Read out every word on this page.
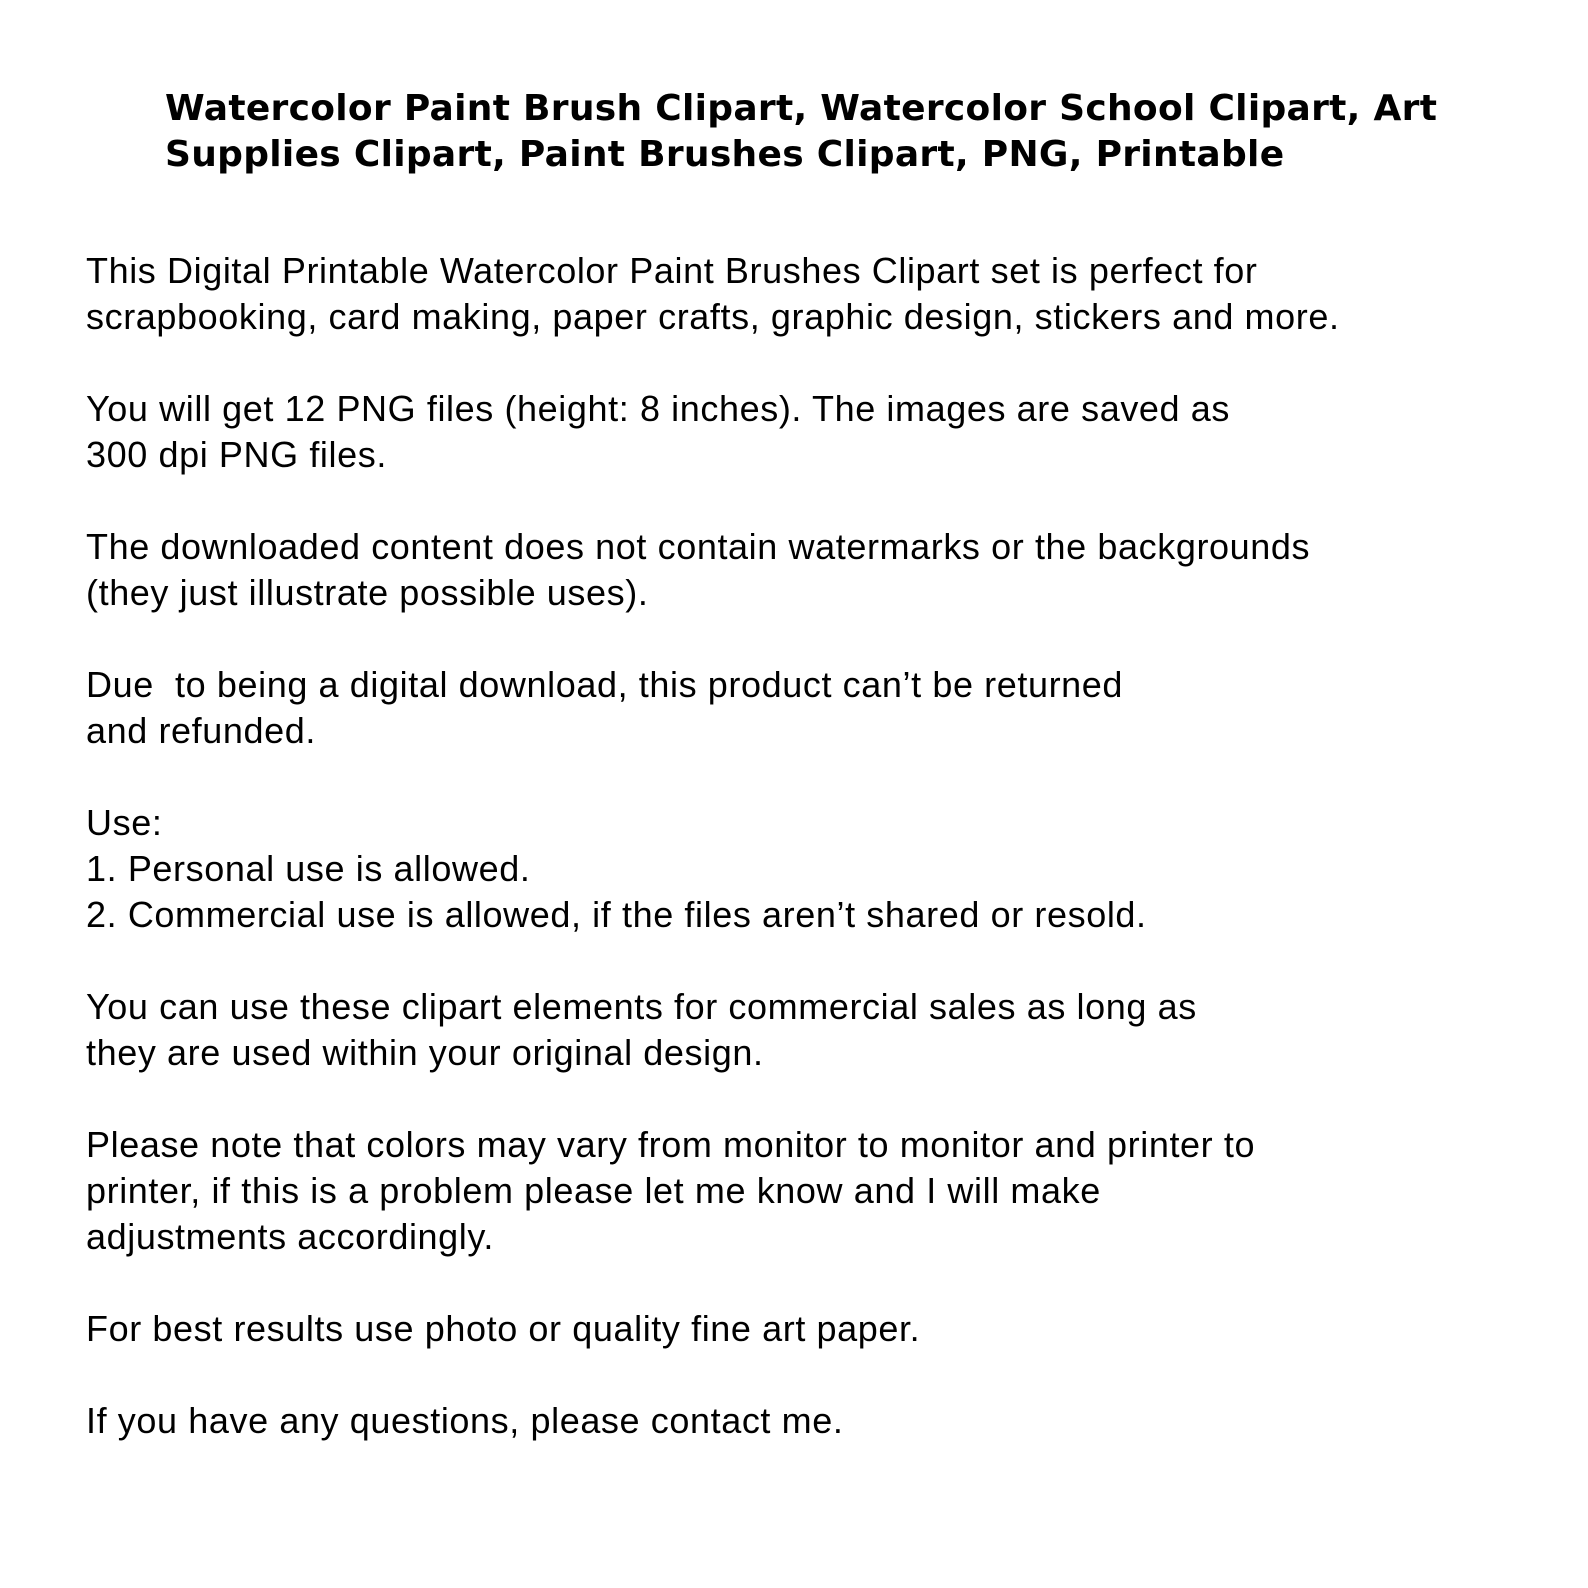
Watercolor Paint Brush Clipart, Watercolor School Clipart, Art
Supplies Clipart, Paint Brushes Clipart, PNG, Printable

This Digital Printable Watercolor Paint Brushes Clipart set is perfect for
scrapbooking, card making, paper crafts, graphic design, stickers and more.

You will get 12 PNG files (height: 8 inches). The images are saved as
300 dpi PNG files.

The downloaded content does not contain watermarks or the backgrounds
(they just illustrate possible uses).

Due  to being a digital download, this product can’t be returned
and refunded.

Use:
1. Personal use is allowed.
2. Commercial use is allowed, if the files aren’t shared or resold.

You can use these clipart elements for commercial sales as long as
they are used within your original design.

Please note that colors may vary from monitor to monitor and printer to
printer, if this is a problem please let me know and I will make
adjustments accordingly.

For best results use photo or quality fine art paper.

If you have any questions, please contact me.
